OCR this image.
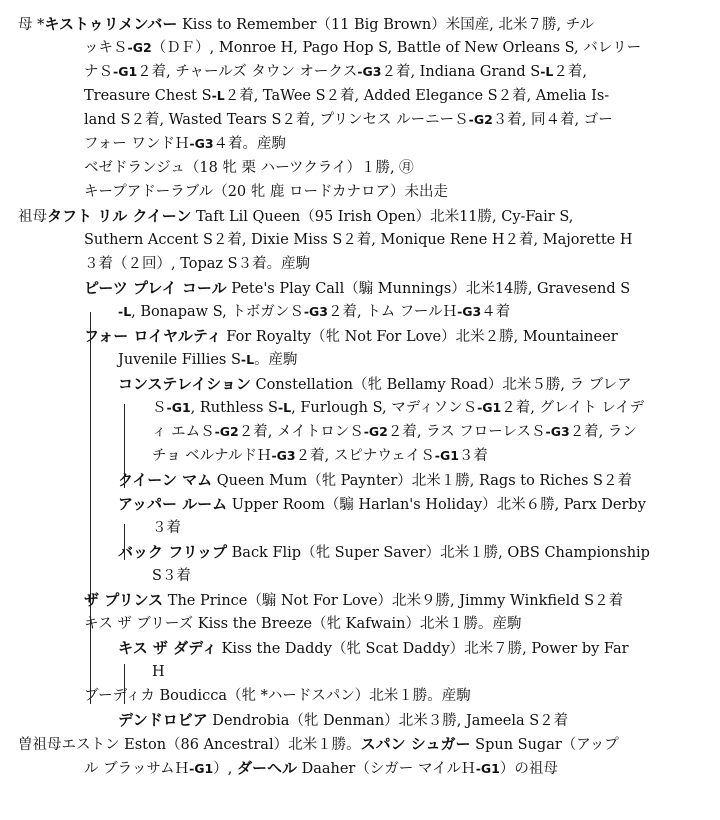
母 *キストゥリメンバー Kiss to Remember（11 Big Brown）米国産, 北米７勝, チル
ッキＳ-G2（ＤＦ）, Monroe H, Pago Hop S, Battle of New Orleans S, バレリー
ナＳ-G1２着, チャールズ タウン オークス-G3２着, Indiana Grand S-L２着,
Treasure Chest S-L２着, TaWee S２着, Added Elegance S２着, Amelia Is-
land S２着, Wasted Tears S２着, プリンセス ルーニーＳ-G2３着, 同４着, ゴー
フォー ワンドＨ-G3４着。産駒
ベゼドランジュ（18 牝 栗 ハーツクライ）１勝, ㊊
キープアドーラブル（20 牝 鹿 ロードカナロア）未出走
祖母タフト リル クイーン Taft Lil Queen（95 Irish Open）北米11勝, Cy-Fair S,
Suthern Accent S２着, Dixie Miss S２着, Monique Rene H２着, Majorette H
３着（２回）, Topaz S３着。産駒
ピーツ プレイ コール Pete's Play Call（騸 Munnings）北米14勝, Gravesend S
-L, Bonapaw S, トボガンＳ-G3２着, トム フールＨ-G3４着
フォー ロイヤルティ For Royalty（牝 Not For Love）北米２勝, Mountaineer
Juvenile Fillies S-L。産駒
コンステレイション Constellation（牝 Bellamy Road）北米５勝, ラ ブレア
Ｓ-G1, Ruthless S-L, Furlough S, マディソンＳ-G1２着, グレイト レイデ
ィ エムＳ-G2２着, メイトロンＳ-G2２着, ラス フローレスＳ-G3２着, ラン
チョ ベルナルドＨ-G3２着, スピナウェイＳ-G1３着
クイーン マム Queen Mum（牝 Paynter）北米１勝, Rags to Riches S２着
アッパー ルーム Upper Room（騸 Harlan's Holiday）北米６勝, Parx Derby
３着
バック フリップ Back Flip（牝 Super Saver）北米１勝, OBS Championship
S３着
ザ プリンス The Prince（騸 Not For Love）北米９勝, Jimmy Winkfield S２着
キス ザ ブリーズ Kiss the Breeze（牝 Kafwain）北米１勝。産駒
キス ザ ダディ Kiss the Daddy（牝 Scat Daddy）北米７勝, Power by Far
H
ブーディカ Boudicca（牝 *ハードスパン）北米１勝。産駒
デンドロビア Dendrobia（牝 Denman）北米３勝, Jameela S２着
曽祖母エストン Eston（86 Ancestral）北米１勝。スパン シュガー Spun Sugar（アップ
ル ブラッサムＨ-G1）, ダーヘル Daaher（シガー マイルＨ-G1）の祖母
